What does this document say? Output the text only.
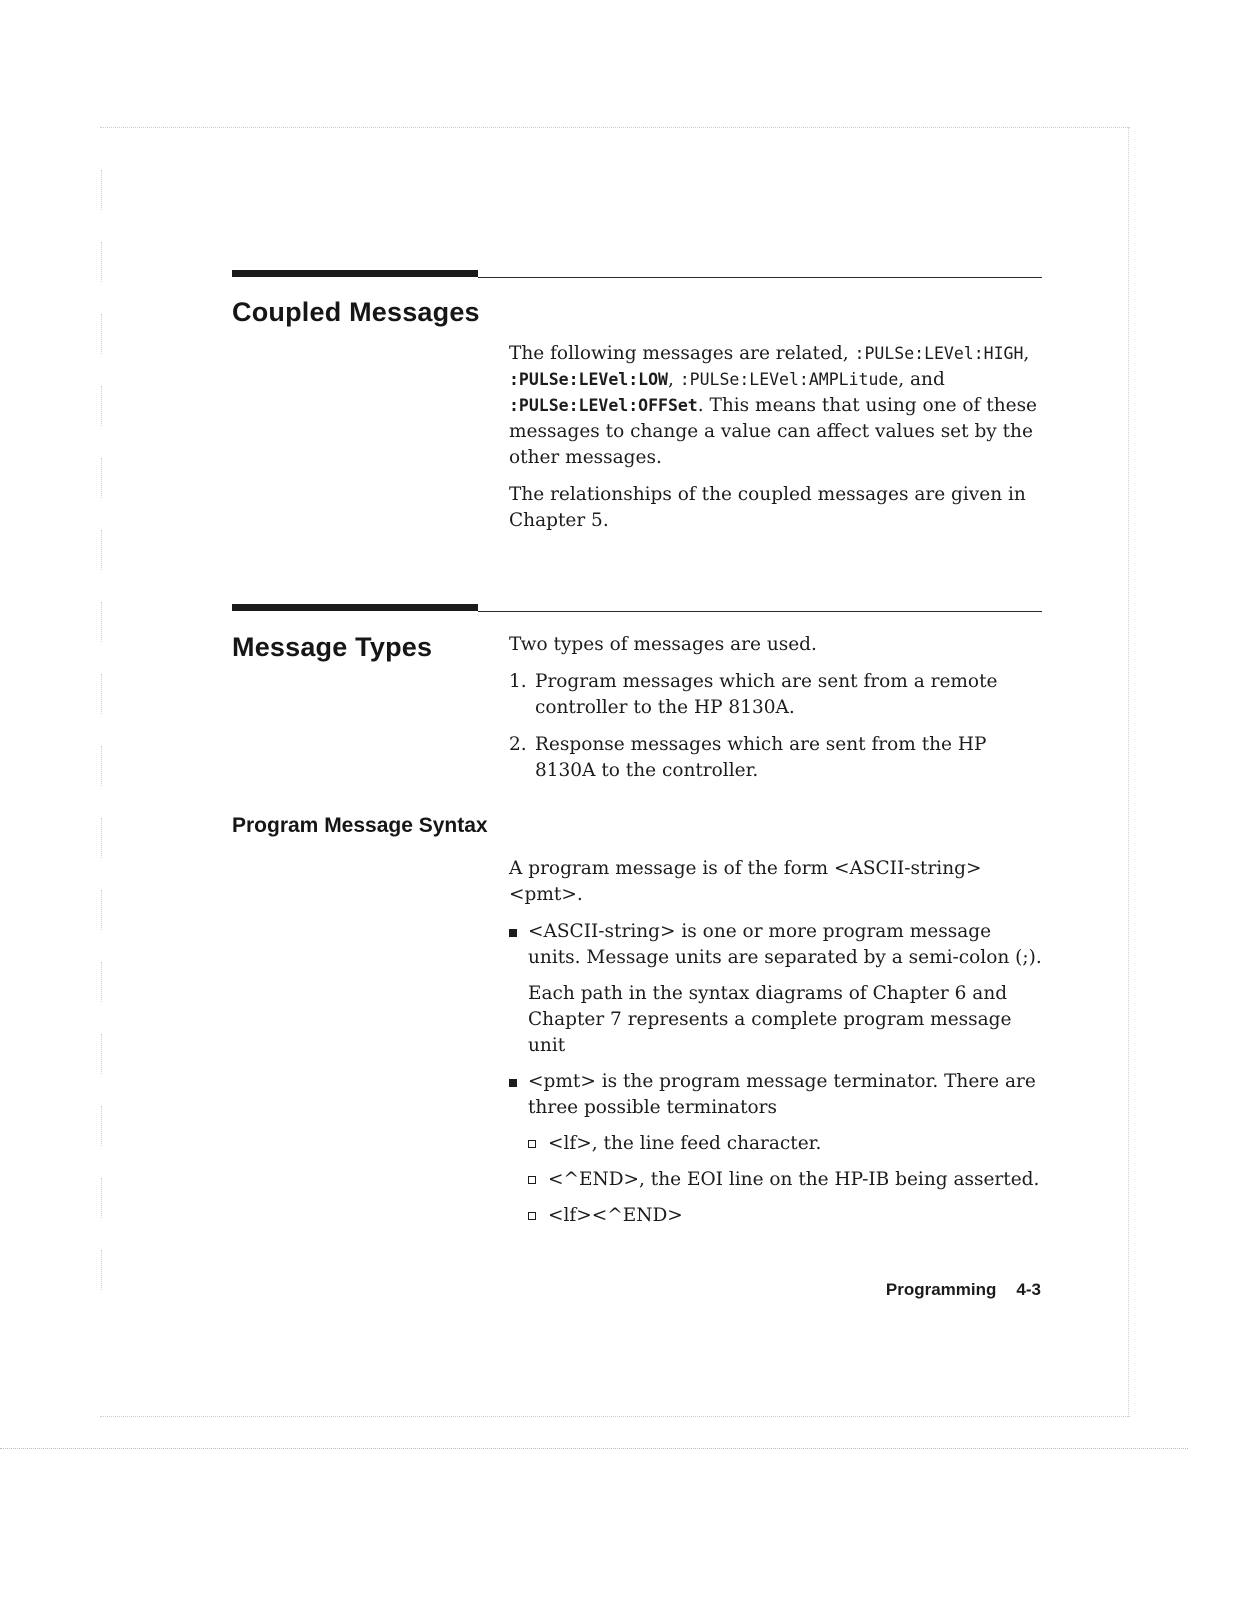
Coupled Messages

The following messages are related, :PULSe:LEVel:HIGH, :PULSe:LEVel:LOW, :PULSe:LEVel:AMPLitude, and :PULSe:LEVel:OFFSet. This means that using one of these messages to change a value can affect values set by the other messages.

The relationships of the coupled messages are given in Chapter 5.

Message Types	Two types of messages are used.

1. Program messages which are sent from a remote controller to the HP 8130A.
2. Response messages which are sent from the HP 8130A to the controller.
Program Message Syntax

A program message is of the form <ASCII-string><pmt>.

<ASCII-string> is one or more program message units. Message units are separated by a semi-colon (;).

Each path in the syntax diagrams of Chapter 6 and Chapter 7 represents a complete program message unit

<pmt> is the program message terminator. There are three possible terminators
<lf>, the line feed character.
<^END>, the EOI line on the HP-IB being asserted.
<lf><^END>
Programming 4-3
